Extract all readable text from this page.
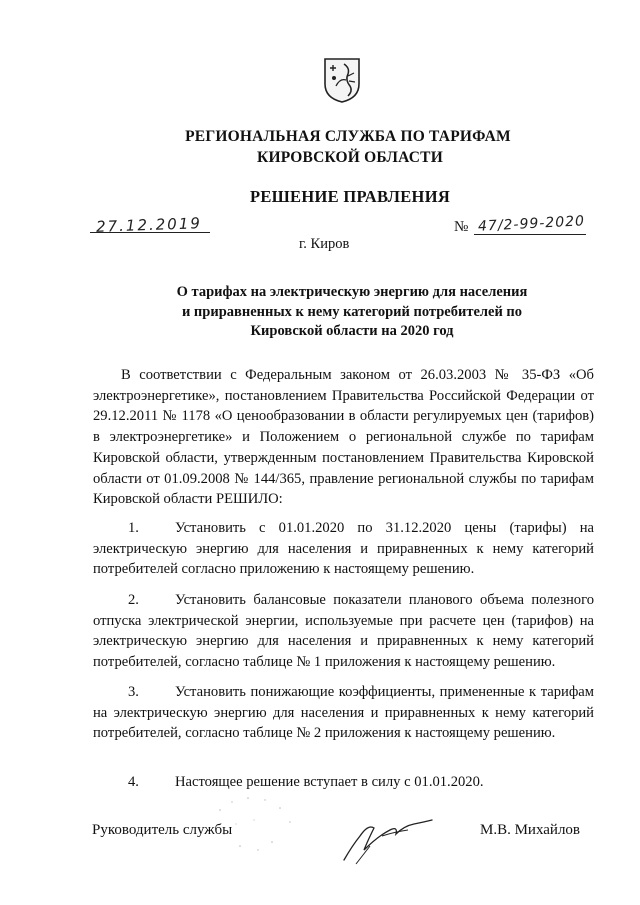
РЕГИОНАЛЬНАЯ СЛУЖБА ПО ТАРИФАМ
КИРОВСКОЙ ОБЛАСТИ
РЕШЕНИЕ ПРАВЛЕНИЯ
27.12.2019	№ 47/2-99-2020
г. Киров
О тарифах на электрическую энергию для населения
и приравненных к нему категорий потребителей по
Кировской области на 2020 год
В соответствии с Федеральным законом от 26.03.2003 № 35-ФЗ «Об электроэнергетике», постановлением Правительства Российской Федерации от 29.12.2011 № 1178 «О ценообразовании в области регулируемых цен (тарифов) в электроэнергетике» и Положением о региональной службе по тарифам Кировской области, утвержденным постановлением Правительства Кировской области от 01.09.2008 № 144/365, правление региональной службы по тарифам Кировской области РЕШИЛО:
1. Установить с 01.01.2020 по 31.12.2020 цены (тарифы) на электрическую энергию для населения и приравненных к нему категорий потребителей согласно приложению к настоящему решению.
2. Установить балансовые показатели планового объема полезного отпуска электрической энергии, используемые при расчете цен (тарифов) на электрическую энергию для населения и приравненных к нему категорий потребителей, согласно таблице № 1 приложения к настоящему решению.
3. Установить понижающие коэффициенты, примененные к тарифам на электрическую энергию для населения и приравненных к нему категорий потребителей, согласно таблице № 2 приложения к настоящему решению.
4. Настоящее решение вступает в силу с 01.01.2020.
Руководитель службы	М.В. Михайлов
